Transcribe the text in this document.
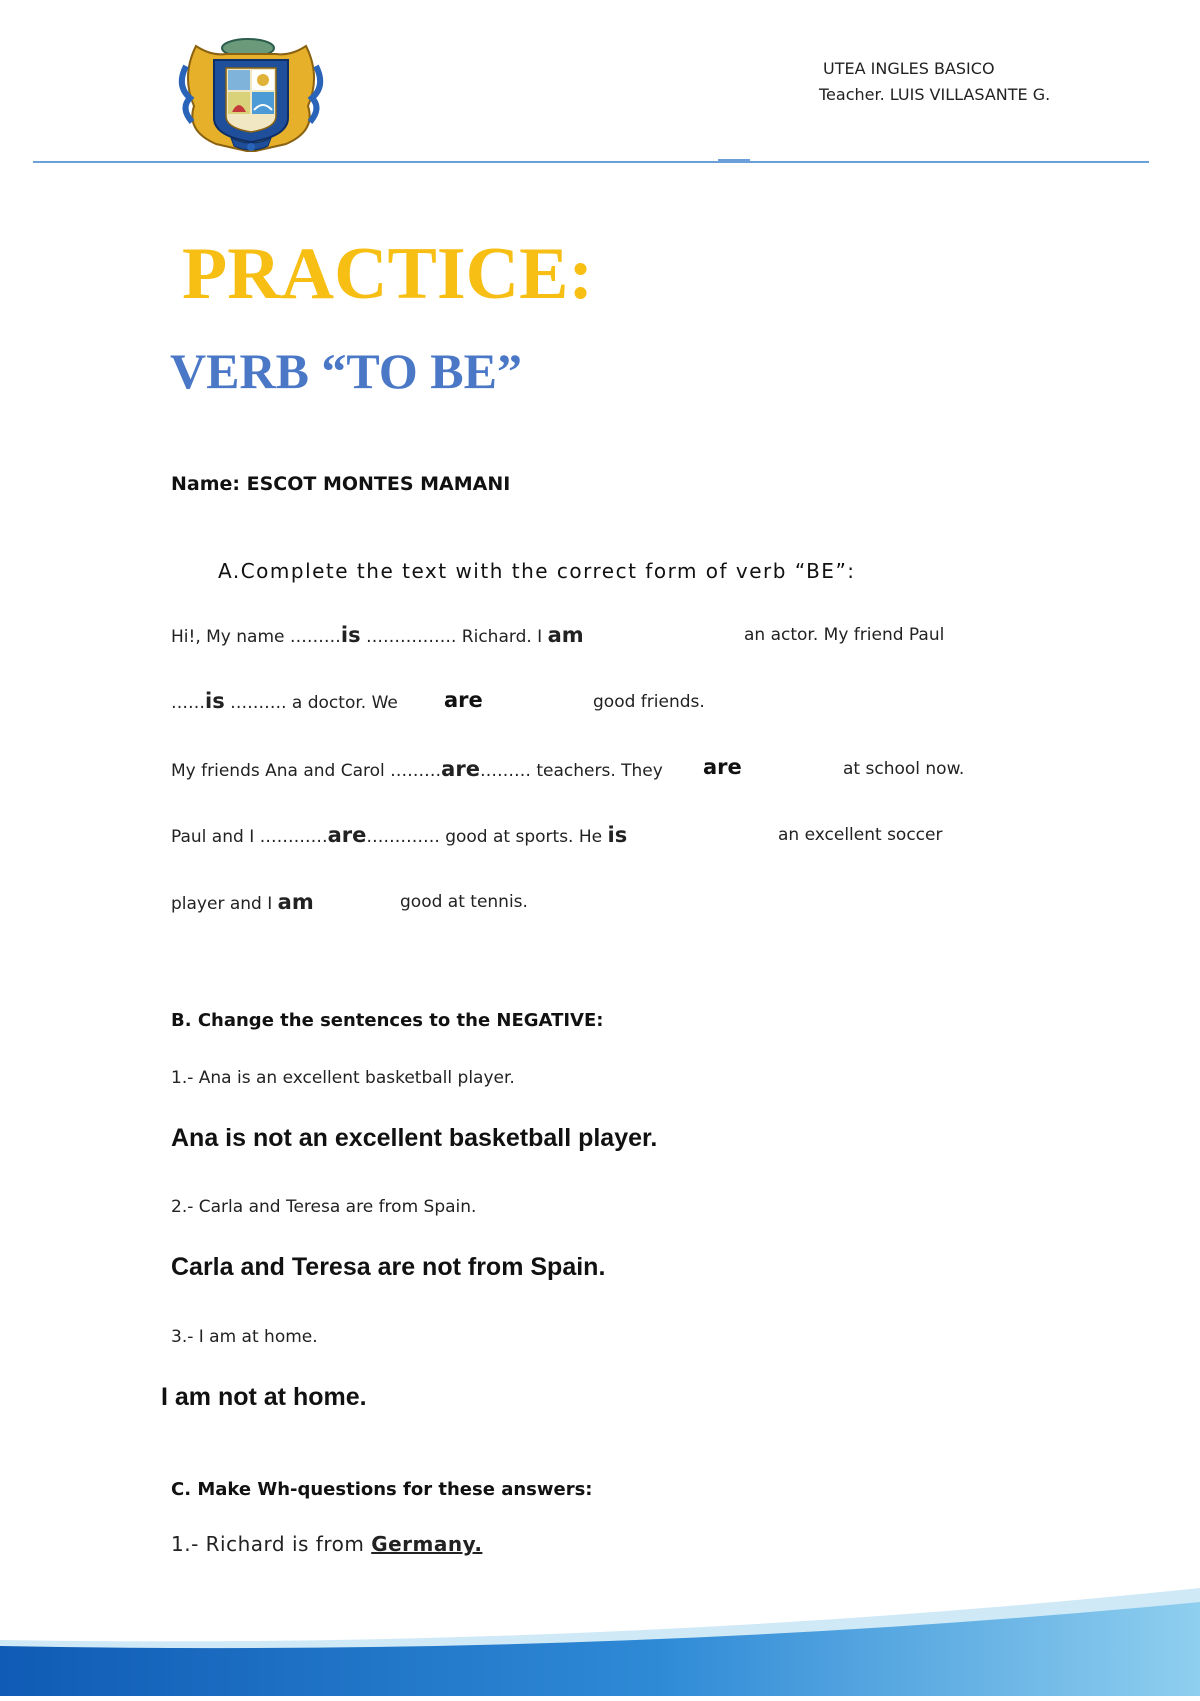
UTEA INGLES BASICO
Teacher. LUIS VILLASANTE G.
PRACTICE:
VERB “TO BE”
Name: ESCOT MONTES MAMANI
A.Complete the text with the correct form of verb “BE”:
Hi!, My name ………is ……………. Richard. I am	an actor. My friend Paul
……is ………. a doctor. We are	good friends.
My friends Ana and Carol ………are……… teachers. They are	at school now.
Paul and I …………are…………. good at sports. He is	an excellent soccer
player and I am	good at tennis.
B. Change the sentences to the NEGATIVE:
1.- Ana is an excellent basketball player.
Ana is not an excellent basketball player.
2.- Carla and Teresa are from Spain.
Carla and Teresa are not from Spain.
3.- I am at home.
I am not at home.
C. Make Wh-questions for these answers:
1.- Richard is from Germany.
